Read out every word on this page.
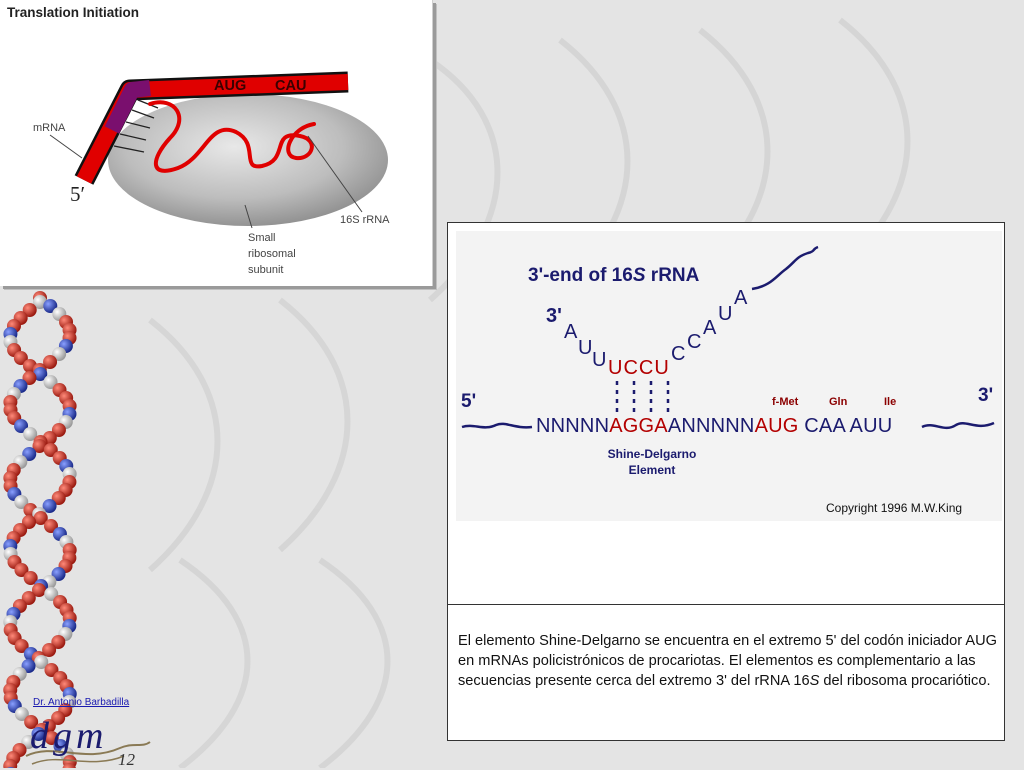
Translation Initiation
AUG CAU
mRNA
5′
16S rRNA
Small ribosomal subunit	3'-end of 16S rRNA
3'
A
U
U UCCU
C
C
A
U
A
5'	3'
f-Met	Gln	Ile
NNNNNAGGAANNNNNAUG CAA AUU
Shine-Delgarno
Element
Copyright 1996 M.W.King
El elemento Shine-Delgarno se encuentra en el extremo 5' del codón iniciador AUG en mRNAs policistrónicos de procariotas. El elementos es complementario a las secuencias presente cerca del extremo 3' del rRNA 16S del ribosoma procariótico.
Dr. Antonio Barbadilla
dgm
12
